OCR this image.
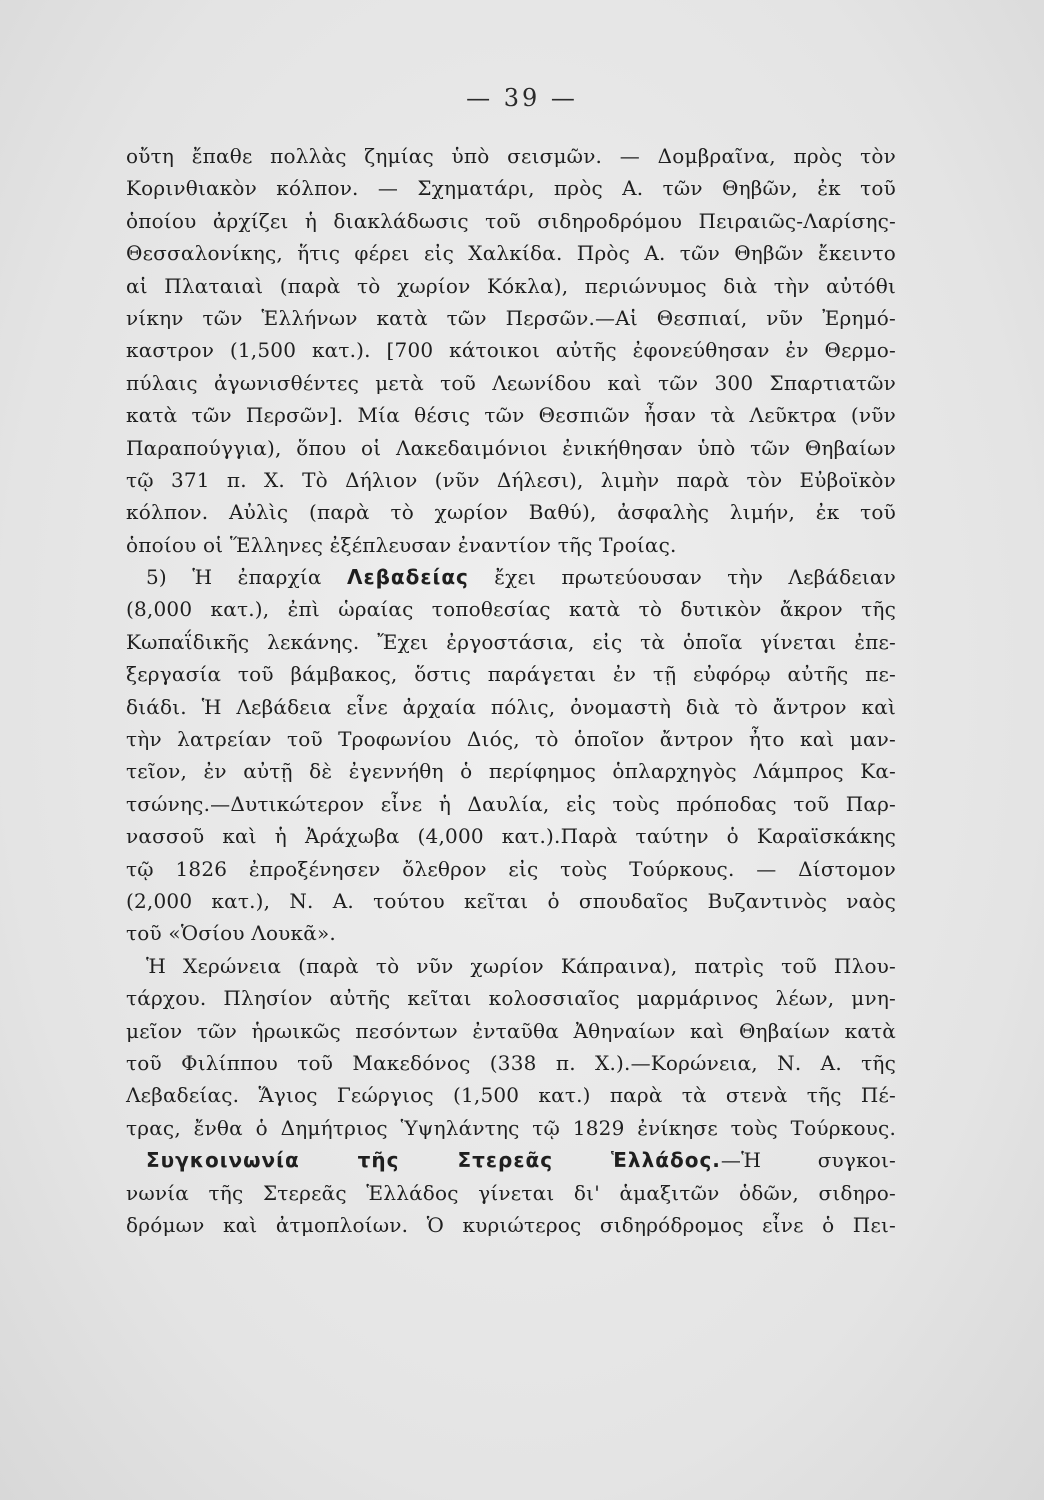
— 39 —
οὔτη ἔπαθε πολλὰς ζημίας ὑπὸ σεισμῶν. — Δομβραῖνα, πρὸς τὸν
Κορινθιακὸν κόλπον. — Σχηματάρι, πρὸς Α. τῶν Θηβῶν, ἐκ τοῦ
ὁποίου ἀρχίζει ἡ διακλάδωσις τοῦ σιδηροδρόμου Πειραιῶς-Λαρίσης-
Θεσσαλονίκης, ἥτις φέρει εἰς Χαλκίδα. Πρὸς Α. τῶν Θηβῶν ἔκειντο
αἱ Πλαταιαὶ (παρὰ τὸ χωρίον Κόκλα), περιώνυμος διὰ τὴν αὐτόθι
νίκην τῶν Ἑλλήνων κατὰ τῶν Περσῶν.—Αἱ Θεσπιαί, νῦν Ἐρημό-
καστρον (1,500 κατ.). [700 κάτοικοι αὐτῆς ἐφονεύθησαν ἐν Θερμο-
πύλαις ἀγωνισθέντες μετὰ τοῦ Λεωνίδου καὶ τῶν 300 Σπαρτιατῶν
κατὰ τῶν Περσῶν]. Μία θέσις τῶν Θεσπιῶν ἦσαν τὰ Λεῦκτρα (νῦν
Παραπούγγια), ὅπου οἱ Λακεδαιμόνιοι ἐνικήθησαν ὑπὸ τῶν Θηβαίων
τῷ 371 π. Χ. Τὸ Δήλιον (νῦν Δήλεσι), λιμὴν παρὰ τὸν Εὐβοϊκὸν
κόλπον. Αὐλὶς (παρὰ τὸ χωρίον Βαθύ), ἀσφαλὴς λιμήν, ἐκ τοῦ
ὁποίου οἱ Ἕλληνες ἐξέπλευσαν ἐναντίον τῆς Τροίας.
5) Ἡ ἐπαρχία Λεβαδείας ἔχει πρωτεύουσαν τὴν Λεβάδειαν
(8,000 κατ.), ἐπὶ ὡραίας τοποθεσίας κατὰ τὸ δυτικὸν ἄκρον τῆς
Κωπαΐδικῆς λεκάνης. Ἔχει ἐργοστάσια, εἰς τὰ ὁποῖα γίνεται ἐπε-
ξεργασία τοῦ βάμβακος, ὅστις παράγεται ἐν τῇ εὐφόρῳ αὐτῆς πε-
διάδι. Ἡ Λεβάδεια εἶνε ἀρχαία πόλις, ὀνομαστὴ διὰ τὸ ἄντρον καὶ
τὴν λατρείαν τοῦ Τροφωνίου Διός, τὸ ὁποῖον ἄντρον ἦτο καὶ μαν-
τεῖον, ἐν αὐτῇ δὲ ἐγεννήθη ὁ περίφημος ὁπλαρχηγὸς Λάμπρος Κα-
τσώνης.—Δυτικώτερον εἶνε ἡ Δαυλία, εἰς τοὺς πρόποδας τοῦ Παρ-
νασσοῦ καὶ ἡ Ἀράχωβα (4,000 κατ.).Παρὰ ταύτην ὁ Καραϊσκάκης
τῷ 1826 ἐπροξένησεν ὄλεθρον εἰς τοὺς Τούρκους. — Δίστομον
(2,000 κατ.), Ν. Α. τούτου κεῖται ὁ σπουδαῖος Βυζαντινὸς ναὸς
τοῦ «Ὁσίου Λουκᾶ».
Ἡ Χερώνεια (παρὰ τὸ νῦν χωρίον Κάπραινα), πατρὶς τοῦ Πλου-
τάρχου. Πλησίον αὐτῆς κεῖται κολοσσιαῖος μαρμάρινος λέων, μνη-
μεῖον τῶν ἡρωικῶς πεσόντων ἐνταῦθα Ἀθηναίων καὶ Θηβαίων κατὰ
τοῦ Φιλίππου τοῦ Μακεδόνος (338 π. Χ.).—Κορώνεια, Ν. Α. τῆς
Λεβαδείας. Ἅγιος Γεώργιος (1,500 κατ.) παρὰ τὰ στενὰ τῆς Πέ-
τρας, ἔνθα ὁ Δημήτριος Ὑψηλάντης τῷ 1829 ἐνίκησε τοὺς Τούρκους.
Συγκοινωνία τῆς Στερεᾶς Ἑλλάδος.—Ἡ συγκοι-
νωνία τῆς Στερεᾶς Ἑλλάδος γίνεται δι' ἁμαξιτῶν ὁδῶν, σιδηρο-
δρόμων καὶ ἀτμοπλοίων. Ὁ κυριώτερος σιδηρόδρομος εἶνε ὁ Πει-
